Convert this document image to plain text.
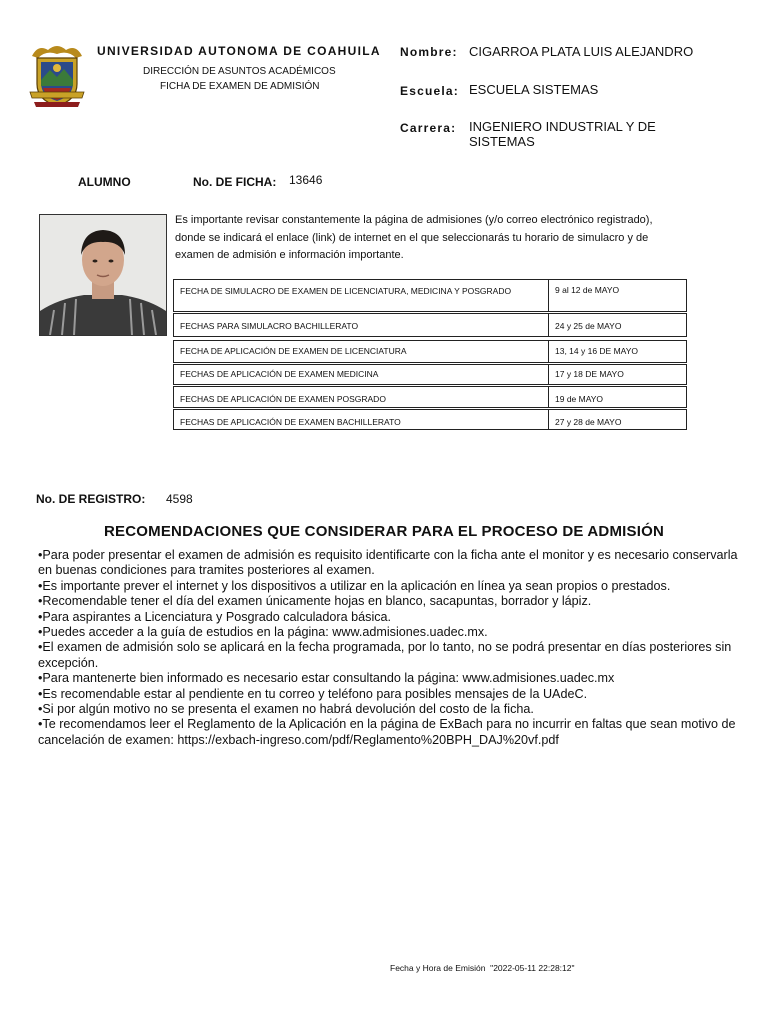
UNIVERSIDAD AUTONOMA DE COAHUILA
DIRECCIÓN DE ASUNTOS ACADÉMICOS
FICHA DE EXAMEN DE ADMISIÓN
Nombre: CIGARROA PLATA LUIS ALEJANDRO
Escuela: ESCUELA SISTEMAS
Carrera: INGENIERO INDUSTRIAL Y DE SISTEMAS
ALUMNO	No. DE FICHA: 13646
Es importante revisar constantemente la página de admisiones (y/o correo electrónico registrado), donde se indicará el enlace (link) de internet en el que seleccionarás tu horario de simulacro y de examen de admisión e información importante.
FECHA DE SIMULACRO DE EXAMEN DE LICENCIATURA, MEDICINA Y POSGRADO	9 al 12 de MAYO
FECHAS PARA SIMULACRO BACHILLERATO	24 y 25 de MAYO
FECHA DE APLICACIÓN DE EXAMEN DE LICENCIATURA	13, 14 y 16 DE MAYO
FECHAS DE APLICACIÓN DE EXAMEN MEDICINA	17 y 18 DE MAYO
FECHAS DE APLICACIÓN DE EXAMEN POSGRADO	19 de MAYO
FECHAS DE APLICACIÓN DE EXAMEN BACHILLERATO	27 y 28 de MAYO
No. DE REGISTRO: 4598
RECOMENDACIONES QUE CONSIDERAR PARA EL PROCESO DE ADMISIÓN

•Para poder presentar el examen de admisión es requisito identificarte con la ficha ante el monitor y es necesario conservarla en buenas condiciones para tramites posteriores al examen.

•Es importante prever el internet y los dispositivos a utilizar en la aplicación en línea ya sean propios o prestados.

•Recomendable tener el día del examen únicamente hojas en blanco, sacapuntas, borrador y lápiz.

•Para aspirantes a Licenciatura y Posgrado calculadora básica.

•Puedes acceder a la guía de estudios en la página: www.admisiones.uadec.mx.

•El examen de admisión solo se aplicará en la fecha programada, por lo tanto, no se podrá presentar en días posteriores sin excepción.

•Para mantenerte bien informado es necesario estar consultando la página: www.admisiones.uadec.mx

•Es recomendable estar al pendiente en tu correo y teléfono para posibles mensajes de la UAdeC.

•Si por algún motivo no se presenta el examen no habrá devolución del costo de la ficha.

•Te recomendamos leer el Reglamento de la Aplicación en la página de ExBach para no incurrir en faltas que sean motivo de cancelación de examen: https://exbach-ingreso.com/pdf/Reglamento%20BPH_DAJ%20vf.pdf

Fecha y Hora de Emisión "2022-05-11 22:28:12"
